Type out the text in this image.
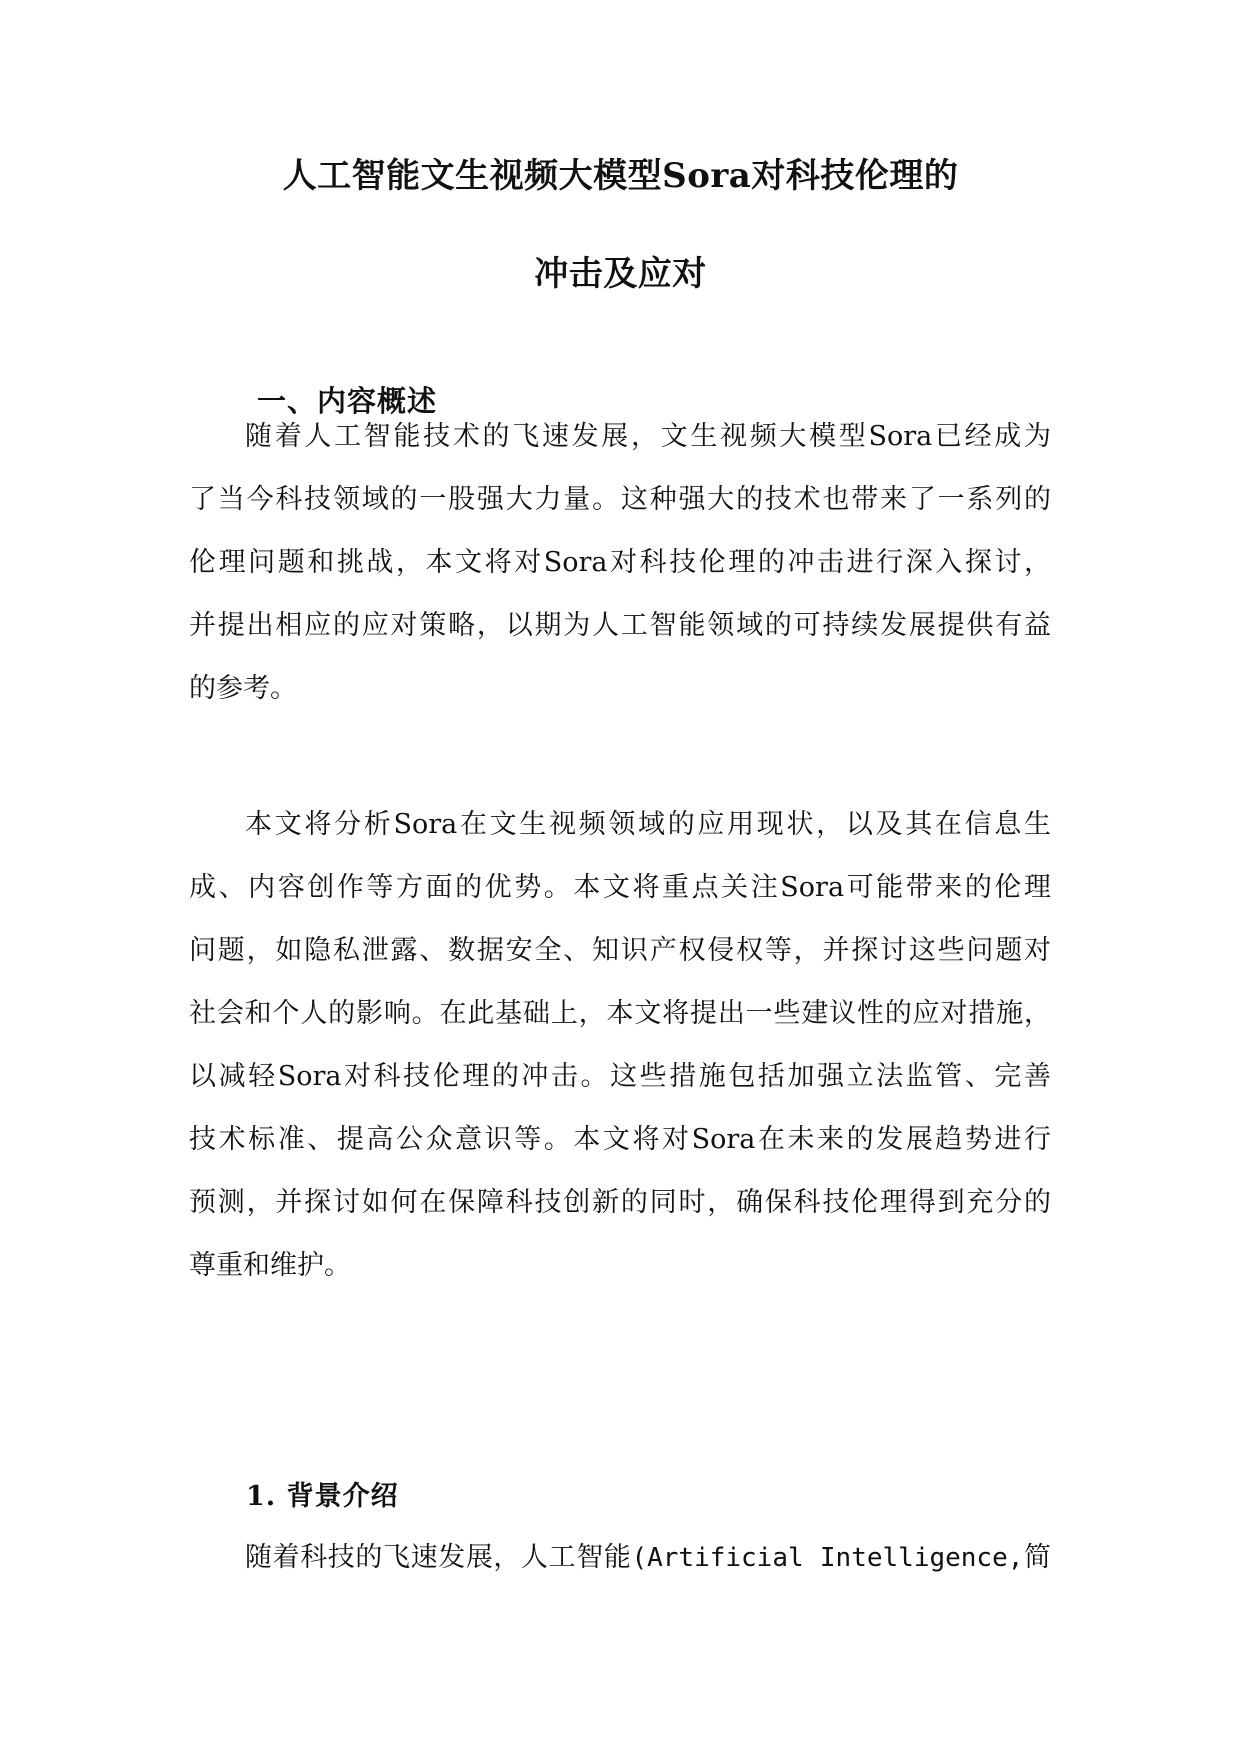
人工智能文生视频大模型Sora对科技伦理的
冲击及应对
一、内容概述
随着人工智能技术的飞速发展，文生视频大模型Sora已经成为
了当今科技领域的一股强大力量。这种强大的技术也带来了一系列的
伦理问题和挑战，本文将对Sora对科技伦理的冲击进行深入探讨，
并提出相应的应对策略，以期为人工智能领域的可持续发展提供有益
的参考。
本文将分析Sora在文生视频领域的应用现状，以及其在信息生
成、内容创作等方面的优势。本文将重点关注Sora可能带来的伦理
问题，如隐私泄露、数据安全、知识产权侵权等，并探讨这些问题对
社会和个人的影响。在此基础上，本文将提出一些建议性的应对措施，
以减轻Sora对科技伦理的冲击。这些措施包括加强立法监管、完善
技术标准、提高公众意识等。本文将对Sora在未来的发展趋势进行
预测，并探讨如何在保障科技创新的同时，确保科技伦理得到充分的
尊重和维护。
1. 背景介绍
随着科技的飞速发展，人工智能(Artificial Intelligence,简
